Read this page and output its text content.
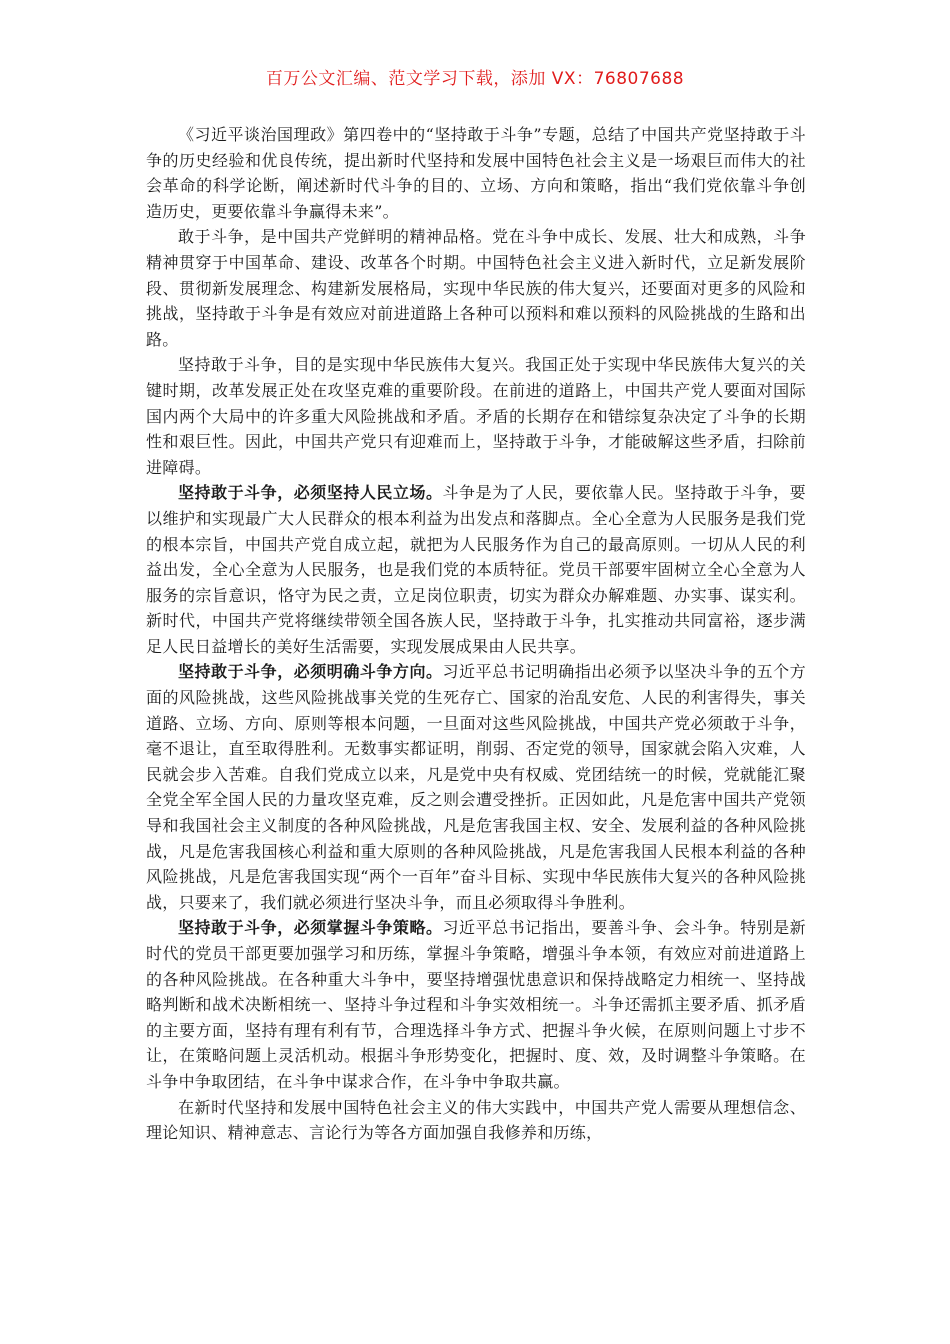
百万公文汇编、范文学习下载，添加 VX：76807688

《习近平谈治国理政》第四卷中的“坚持敢于斗争”专题，总结了中国共产党坚持敢于斗争的历史经验和优良传统，提出新时代坚持和发展中国特色社会主义是一场艰巨而伟大的社会革命的科学论断，阐述新时代斗争的目的、立场、方向和策略，指出“我们党依靠斗争创造历史，更要依靠斗争赢得未来”。

敢于斗争，是中国共产党鲜明的精神品格。党在斗争中成长、发展、壮大和成熟，斗争精神贯穿于中国革命、建设、改革各个时期。中国特色社会主义进入新时代，立足新发展阶段、贯彻新发展理念、构建新发展格局，实现中华民族的伟大复兴，还要面对更多的风险和挑战，坚持敢于斗争是有效应对前进道路上各种可以预料和难以预料的风险挑战的生路和出路。

坚持敢于斗争，目的是实现中华民族伟大复兴。我国正处于实现中华民族伟大复兴的关键时期，改革发展正处在攻坚克难的重要阶段。在前进的道路上，中国共产党人要面对国际国内两个大局中的许多重大风险挑战和矛盾。矛盾的长期存在和错综复杂决定了斗争的长期性和艰巨性。因此，中国共产党只有迎难而上，坚持敢于斗争，才能破解这些矛盾，扫除前进障碍。

坚持敢于斗争，必须坚持人民立场。斗争是为了人民，要依靠人民。坚持敢于斗争，要以维护和实现最广大人民群众的根本利益为出发点和落脚点。全心全意为人民服务是我们党的根本宗旨，中国共产党自成立起，就把为人民服务作为自己的最高原则。一切从人民的利益出发，全心全意为人民服务，也是我们党的本质特征。党员干部要牢固树立全心全意为人服务的宗旨意识，恪守为民之责，立足岗位职责，切实为群众办解难题、办实事、谋实利。新时代，中国共产党将继续带领全国各族人民，坚持敢于斗争，扎实推动共同富裕，逐步满足人民日益增长的美好生活需要，实现发展成果由人民共享。

坚持敢于斗争，必须明确斗争方向。习近平总书记明确指出必须予以坚决斗争的五个方面的风险挑战，这些风险挑战事关党的生死存亡、国家的治乱安危、人民的利害得失，事关道路、立场、方向、原则等根本问题，一旦面对这些风险挑战，中国共产党必须敢于斗争，毫不退让，直至取得胜利。无数事实都证明，削弱、否定党的领导，国家就会陷入灾难，人民就会步入苦难。自我们党成立以来，凡是党中央有权威、党团结统一的时候，党就能汇聚全党全军全国人民的力量攻坚克难，反之则会遭受挫折。正因如此，凡是危害中国共产党领导和我国社会主义制度的各种风险挑战，凡是危害我国主权、安全、发展利益的各种风险挑战，凡是危害我国核心利益和重大原则的各种风险挑战，凡是危害我国人民根本利益的各种风险挑战，凡是危害我国实现“两个一百年”奋斗目标、实现中华民族伟大复兴的各种风险挑战，只要来了，我们就必须进行坚决斗争，而且必须取得斗争胜利。

坚持敢于斗争，必须掌握斗争策略。习近平总书记指出，要善斗争、会斗争。特别是新时代的党员干部更要加强学习和历练，掌握斗争策略，增强斗争本领，有效应对前进道路上的各种风险挑战。在各种重大斗争中，要坚持增强忧患意识和保持战略定力相统一、坚持战略判断和战术决断相统一、坚持斗争过程和斗争实效相统一。斗争还需抓主要矛盾、抓矛盾的主要方面，坚持有理有利有节，合理选择斗争方式、把握斗争火候，在原则问题上寸步不让，在策略问题上灵活机动。根据斗争形势变化，把握时、度、效，及时调整斗争策略。在斗争中争取团结，在斗争中谋求合作，在斗争中争取共赢。

在新时代坚持和发展中国特色社会主义的伟大实践中，中国共产党人需要从理想信念、理论知识、精神意志、言论行为等各方面加强自我修养和历练，
